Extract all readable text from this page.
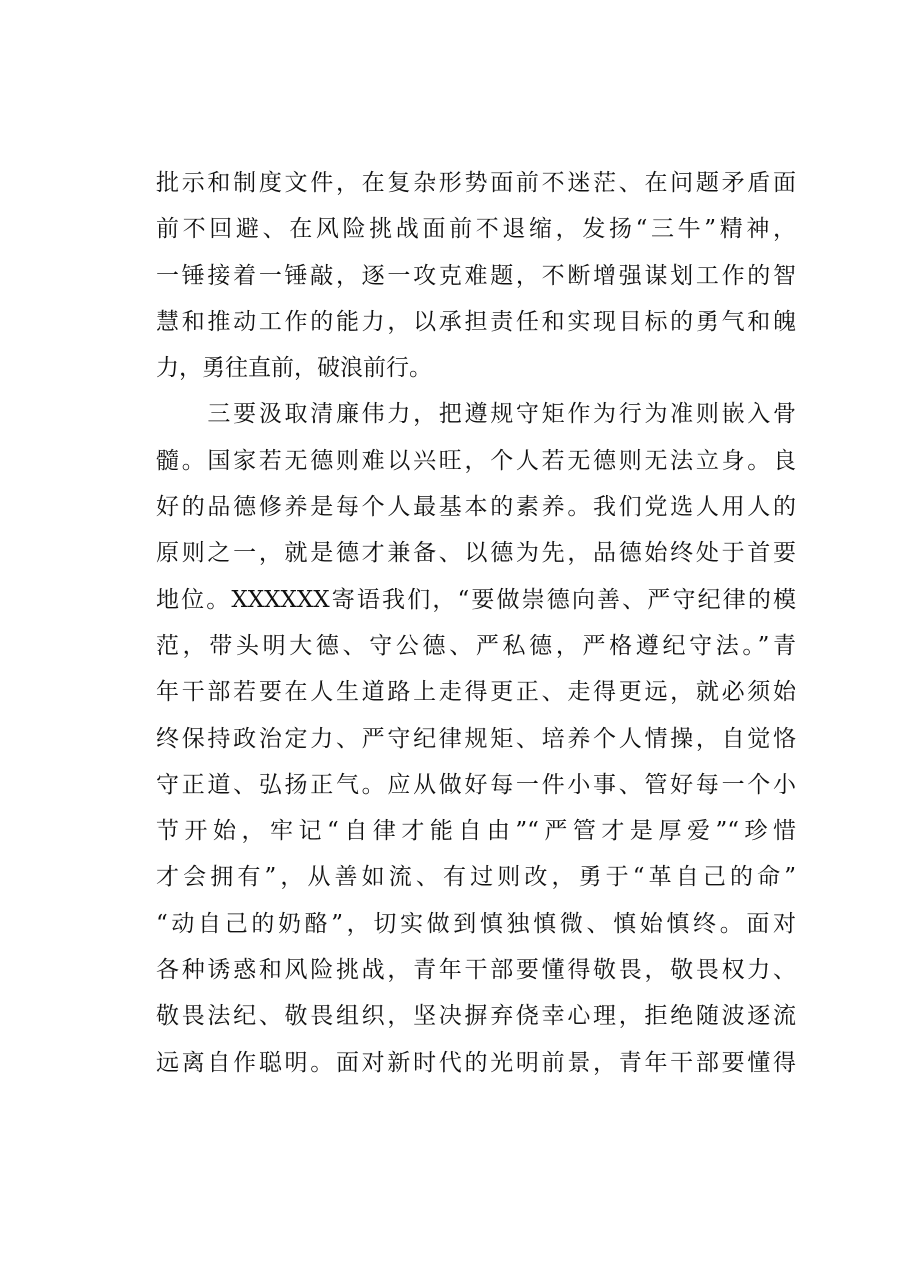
批示和制度文件，在复杂形势面前不迷茫、在问题矛盾面
前不回避、在风险挑战面前不退缩，发扬“三牛”精神，
一锤接着一锤敲，逐一攻克难题，不断增强谋划工作的智
慧和推动工作的能力，以承担责任和实现目标的勇气和魄
力，勇往直前，破浪前行。
　　三要汲取清廉伟力，把遵规守矩作为行为准则嵌入骨
髓。国家若无德则难以兴旺，个人若无德则无法立身。良
好的品德修养是每个人最基本的素养。我们党选人用人的
原则之一，就是德才兼备、以德为先，品德始终处于首要
地位。XXXXXX寄语我们，“要做崇德向善、严守纪律的模
范，带头明大德、守公德、严私德，严格遵纪守法。”青
年干部若要在人生道路上走得更正、走得更远，就必须始
终保持政治定力、严守纪律规矩、培养个人情操，自觉恪
守正道、弘扬正气。应从做好每一件小事、管好每一个小
节开始，牢记“自律才能自由”“严管才是厚爱”“珍惜
才会拥有”，从善如流、有过则改，勇于“革自己的命”
“动自己的奶酪”，切实做到慎独慎微、慎始慎终。面对
各种诱惑和风险挑战，青年干部要懂得敬畏，敬畏权力、
敬畏法纪、敬畏组织，坚决摒弃侥幸心理，拒绝随波逐流
远离自作聪明。面对新时代的光明前景，青年干部要懂得
